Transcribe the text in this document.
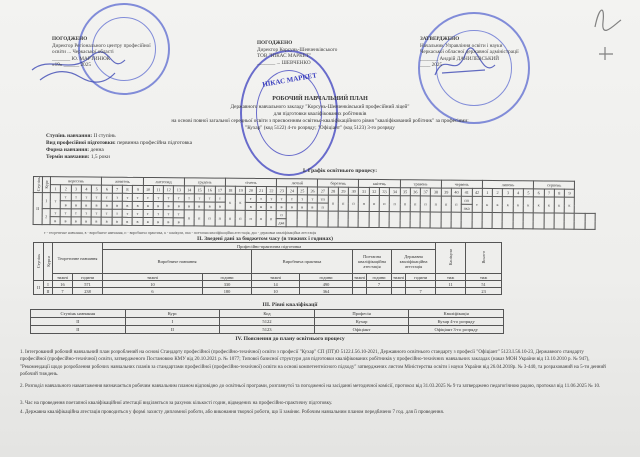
НІКАС МАРКЕТ
ПОГОДЖЕНО
Директор Регіонального центру професійної
освіти ... Черкаської області
_______ Ю. МАРТИНЮК
«19» ______ 2025
ПОГОДЖЕНО
Директор Корсунь-Шевченківського
ТОВ "НІКАС МАРКЕТ"
_______ ... ШЕВЧЕНКО
ЗАТВЕРДЖЕНО
Начальник Управління освіти і науки
Черкаської обласної державної адміністрації
_______ Андрій ДАНИЛЕВСЬКИЙ
____ 2025
РОБОЧИЙ НАВЧАЛЬНИЙ ПЛАН
Державного навчального закладу "Корсунь-Шевченківський професійний ліцей"
для підготовки кваліфікованих робітників
на основі повної загальної середньої освіти з присвоєнням освітньо-кваліфікаційного рівня "кваліфікований робітник" за професіями:
"Кухар" (код 5122) 4-го розряду; "Офіціант" (код 5123) 3-го розряду
Ступінь навчання: ІІ ступінь
Вид професійної підготовки: первинна професійна підготовка
Форма навчання: денна
Термін навчання: 1,5 роки
І. Графік освітнього процесу:
Ступінь	Курс	вересень					жовтень				листопад				грудень				січень					лютий				березень				квітень				травень				червень				липень					серпень					
		1	2	3	4	5	6	7	8	9	10	11	12	13	14	15	16	17	18	19	20	21	22	23	24	25	26	27	28	29	30	31	32	33	34	35	36	37	38	39	40	41	42	1	2	3	4	5	6	7	8	9		
ІІ	1	т	т	т	т	т	т	т	т	т	т	т	т	т	т	т	т	т	к	к	т	т	т	т	т	т	т	тп	п	п	п	п	п	п	п	п	п	п	п	п	п	пп	т	к	к	к	к	к	к	к	к	к		
			в	в	в	в	в	в	в	в	в	в	в	в	в	в	в	в			в	в	в	в	в	в	в	п														пка												
	2	т	т	т	т	т	т	т	т	т	т	т	т	т	п	п	п	п	п	п	п	п	п	п																														
		в	в	в	в	в	в	в	в	в	в	в	в	в										дка																														
т - теоретичне навчання, в - виробниче навчання, п - виробнича практика, к - канікули, пка - поетапна кваліфікаційна атестація, дка - державна кваліфікаційна атестація
ІІ. Зведені дані за бюджетом часу (в тижнях і годинах)
Ступінь	Курси	Теоретичне навчання		Професійно-практична підготовка								Канікули	Всього
				Виробниче навчання		Виробнича практика		Поетапна кваліфікаційна атестація		Державна кваліфікаційна атестація			
		тижні	години	тижні	години	тижні	години	тижні	години	тижні	години	тиж	тиж
ІІ	І	16	571	10	330	14	490		7			11	51
	ІІ	7	238	6	180	10	364				7		23
ІІІ. Рівні кваліфікації
Ступінь навчання	Курс	Код	Професія	Кваліфікація
ІІ	І	5122	Кухар	Кухар 4-го розряду
ІІ	ІІ	5123	Офіціант	Офіціант 3-го розряду
IV. Пояснення до плану освітнього процесу
1. Інтегрований робочий навчальний план розроблений на основі Стандарту професійної (професійно-технічної) освіти з професії "Кухар" СП (ПТ)О 5122.І.56.10-2021, Державного освітнього стандарту з професії "Офіціант" 5123.І.56.10-23, Державного стандарту професійної (професійно-технічної) освіти, затвердженого Постановою КМУ від 20.10.2021 р. № 1077; Типової базисної структури для підготовки кваліфікованих робітників у професійно-технічних навчальних закладах (наказ МОН України від 13.10.2010 р. № 947), "Рекомендації щодо розроблення робочих навчальних планів за стандартами професійної (професійно-технічної) освіти на основі компетентнісного підходу" затверджених листом Міністерства освіти і науки України від 26.04.2018р. № 3-440, та розрахований на 5-ти денний робочий тиждень.
2. Розподіл навчального навантаження визначається робочим навчальним планом відповідно до освітньої програми, розглянутої та погодженої на засіданні методичної комісії, протокол від 31.03.2025 № 9 та затверджено педагогічною радою, протокол від 11.06.2025 № 10.
3. Час на проведення поетапної кваліфікаційної атестації виділяється за рахунок кількості годин, відведених на професійно-практичну підготовку.
4. Державна кваліфікаційна атестація проводиться у формі захисту дипломної роботи, або виконання творчої роботи, що її заміняє. Робочим навчальним планом передбачено 7 год. для її проведення.
